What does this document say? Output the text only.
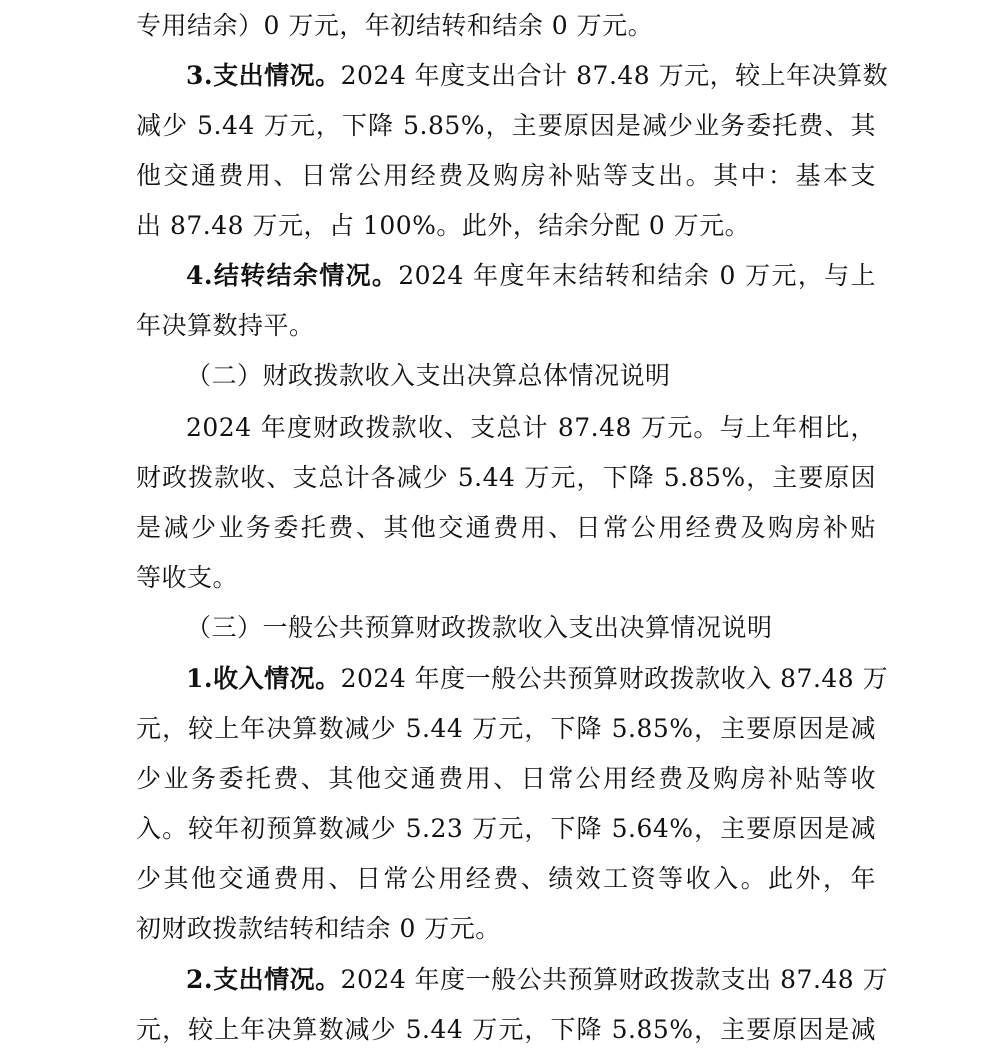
专用结余）0 万元，年初结转和结余 0 万元。
3.支出情况。2024 年度支出合计 87.48 万元，较上年决算数
减少 5.44 万元，下降 5.85%，主要原因是减少业务委托费、其
他交通费用、日常公用经费及购房补贴等支出。其中：基本支
出 87.48 万元，占 100%。此外，结余分配 0 万元。
4.结转结余情况。2024 年度年末结转和结余 0 万元，与上
年决算数持平。
（二）财政拨款收入支出决算总体情况说明
2024 年度财政拨款收、支总计 87.48 万元。与上年相比，
财政拨款收、支总计各减少 5.44 万元，下降 5.85%，主要原因
是减少业务委托费、其他交通费用、日常公用经费及购房补贴
等收支。
（三）一般公共预算财政拨款收入支出决算情况说明
1.收入情况。2024 年度一般公共预算财政拨款收入 87.48 万
元，较上年决算数减少 5.44 万元，下降 5.85%，主要原因是减
少业务委托费、其他交通费用、日常公用经费及购房补贴等收
入。较年初预算数减少 5.23 万元，下降 5.64%，主要原因是减
少其他交通费用、日常公用经费、绩效工资等收入。此外，年
初财政拨款结转和结余 0 万元。
2.支出情况。2024 年度一般公共预算财政拨款支出 87.48 万
元，较上年决算数减少 5.44 万元，下降 5.85%，主要原因是减
